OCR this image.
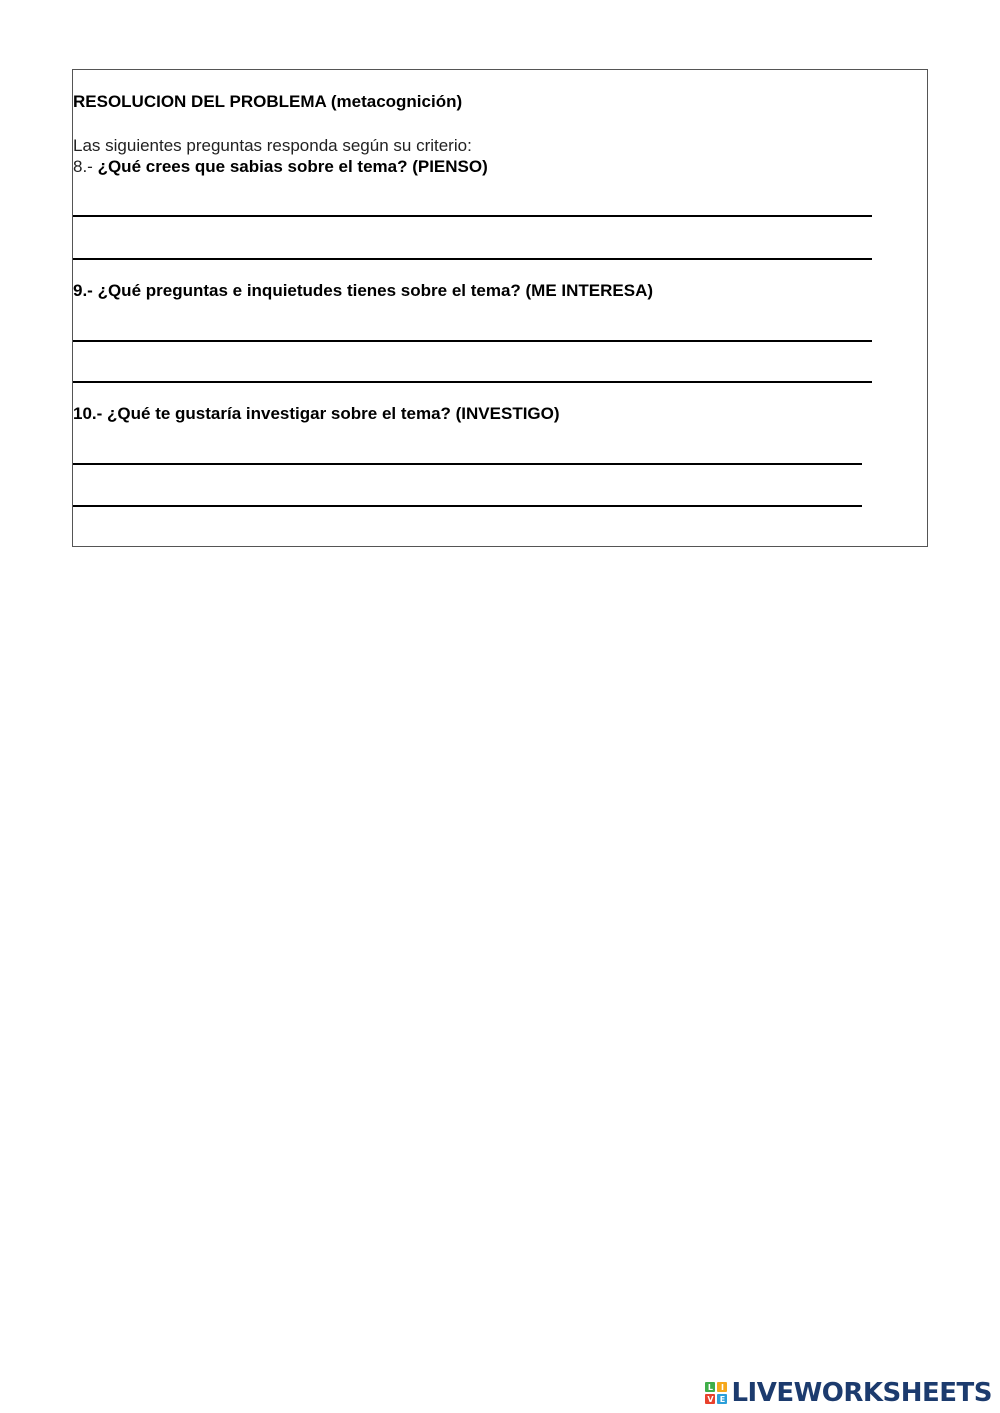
RESOLUCION DEL PROBLEMA (metacognición)
Las siguientes preguntas responda según su criterio:
8.- ¿Qué crees que sabias sobre el tema? (PIENSO)
9.- ¿Qué preguntas e inquietudes tienes sobre el tema? (ME INTERESA)
10.- ¿Qué te gustaría investigar sobre el tema? (INVESTIGO)
L I
V E LIVEWORKSHEETS
